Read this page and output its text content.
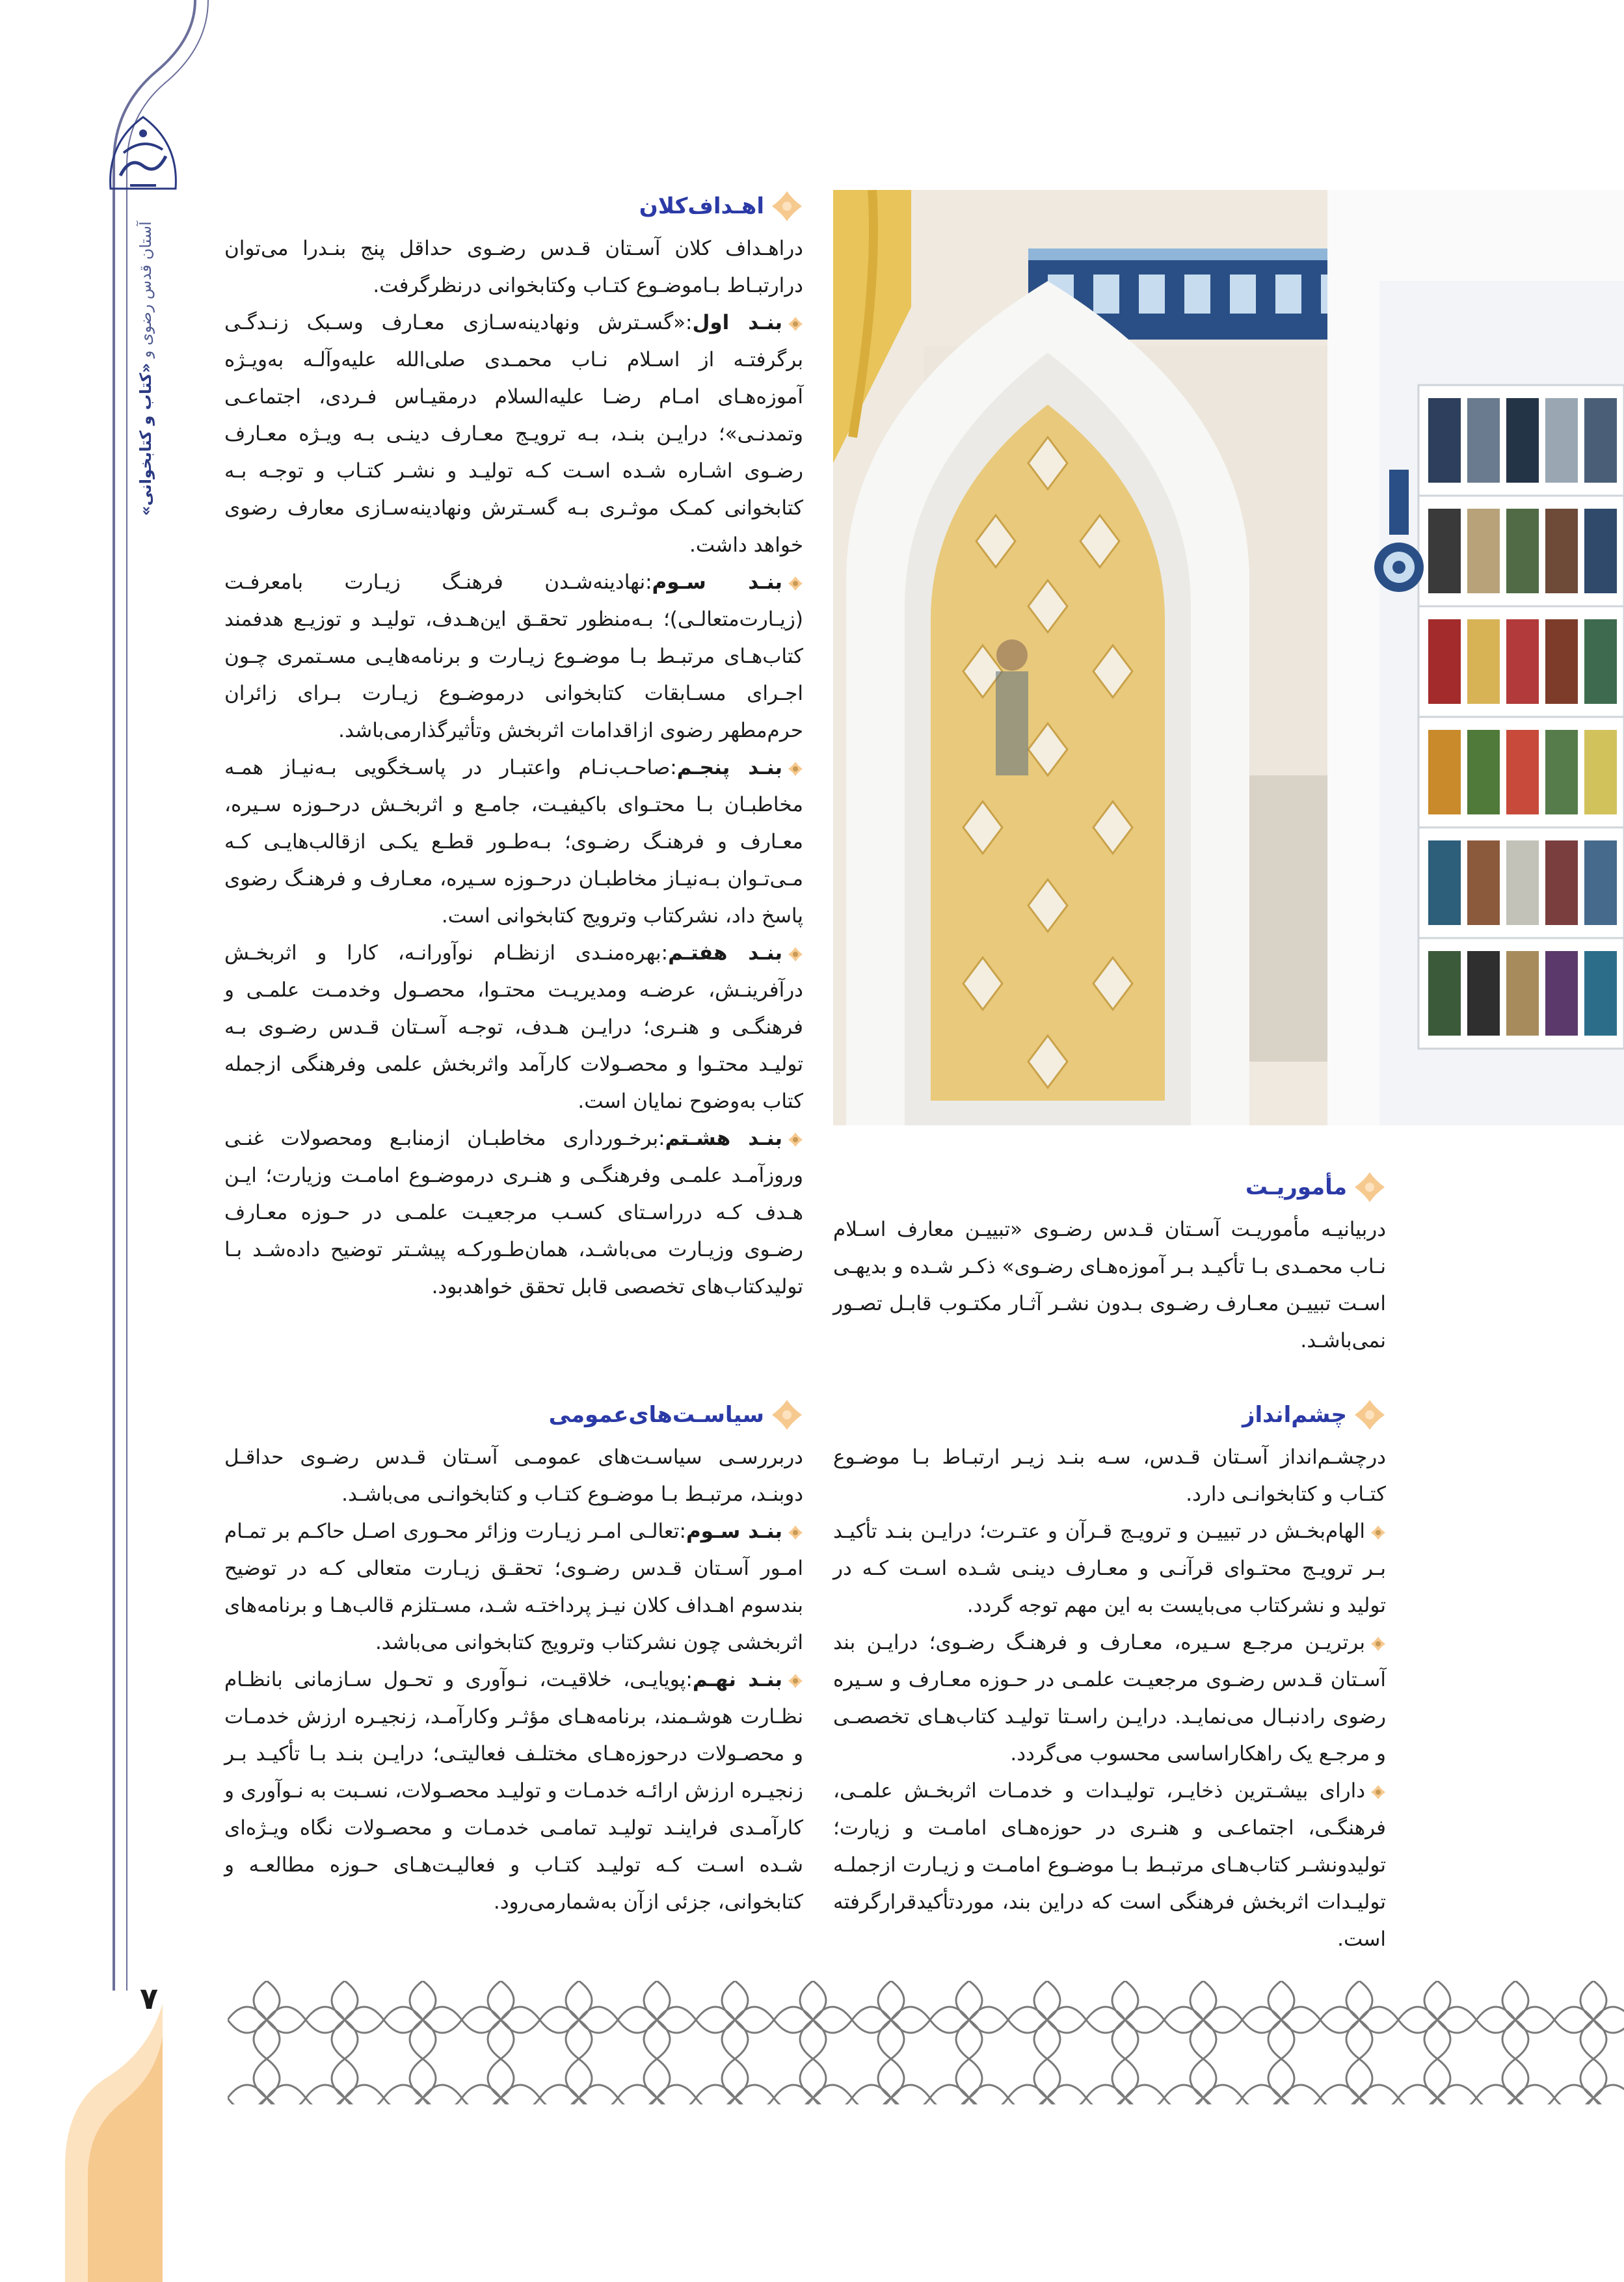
آستان قدس رضوی و «کتاب و کتابخوانی»
۷
اهـداف‌کلان

دراهـداف کلان آسـتان قـدس رضـوی حداقل پنج بنـدرا می‌توان درارتبـاط بـاموضـوع کتـاب وکتابخوانی درنظرگرفت.

بنـد اول:«گسـترش ونهادینه‌سـازی معـارف وسـبک زنـدگـی برگرفتـه از اسـلام نـاب محمـدی صلی‌الله علیه‌وآلـه به‌ویـژه آموزه‌هـای امـام رضـا علیه‌السلام درمقیـاس فـردی، اجتماعـی وتمدنـی»؛ درایـن بنـد، بـه ترویـج معـارف دینـی بـه ویـژه معـارف رضـوی اشـاره شـده اسـت کـه تولیـد و نشـر کتـاب و توجـه بـه کتابخوانی کمـک موثـری بـه گسـترش ونهادینه‌سـازی معارف رضوی خواهد داشت.

بنـد سـوم:نهادینه‌شـدن فرهنـگ زیـارت بامعرفـت (زیـارت‌متعالـی)؛ بـه‌منظور تحقـق این‌هـدف، تولیـد و توزیـع هدفمند کتاب‌هـای مرتبـط بـا موضـوع زیـارت و برنامه‌هایـی مسـتمری چـون اجـرای مسـابقات کتابخوانی درموضـوع زیـارت بـرای زائران حرم‌مطهر رضوی ازاقدامات اثربخش وتأثیرگذارمی‌باشد.

بنـد پنجـم:صاحـب‌نـام واعتبـار در پاسـخگویی بـه‌نیـاز همـه مخاطبـان بـا محتـوای باکیفیـت، جامـع و اثربخـش درحـوزه سـیره، معـارف و فرهنـگ رضـوی؛ بـه‌طـور قطـع یکـی ازقالب‌هایـی کـه مـی‌تـوان بـه‌نیـاز مخاطبـان درحـوزه سـیره، معـارف و فرهنـگ رضوی پاسخ داد، نشرکتاب وترویج کتابخوانی است.

بنـد هفتـم:بهره‌منـدی ازنظـام نوآورانـه، کارا و اثربخـش درآفرینـش، عرضـه ومدیریـت محتـوا، محصـول وخدمـت علمـی و فرهنگـی و هنـری؛ درایـن هـدف، توجـه آسـتان قـدس رضـوی بـه تولیـد محتـوا و محصـولات کارآمد واثربخش علمی وفرهنگی ازجمله کتاب به‌وضوح نمایان است.

بنـد هشـتم:برخـورداری مخاطبـان ازمنابـع ومحصولات غنـی وروزآمـد علمـی وفرهنگـی و هنـری درموضـوع امامـت وزیارت؛ ایـن هـدف کـه درراسـتای کسـب مرجعیـت علمـی در حـوزه معـارف رضـوی وزیـارت می‌باشـد، همان‌طـورکـه پیشـتر توضیح داده‌شـد بـا تولیدکتاب‌های تخصصی قابل تحقق خواهدبود.

مأموریـت

دربیانیـه مأموریـت آسـتان قـدس رضـوی «تبییـن معارف اسـلام نـاب محمـدی بـا تأکیـد بـر آموزه‌هـای رضـوی» ذکـر شـده و بدیهـی اسـت تبییـن معـارف رضـوی بـدون نشـر آثـار مکتـوب قابـل تصـور نمی‌باشـد.

سیاسـت‌های‌عمومی

دربررسـی سیاسـت‌های عمومـی آسـتان قـدس رضـوی حداقـل دوبنـد، مرتبـط بـا موضـوع کتـاب و کتابخوانـی می‌باشـد.

بنـد سـوم:تعالـی امـر زیـارت وزائر محـوری اصـل حاکـم بر تمـام امـور آسـتان قـدس رضـوی؛ تحقـق زیـارت متعالی کـه در توضیح بندسوم اهـداف کلان نیـز پرداختـه شـد، مسـتلزم قالب‌هـا و برنامه‌های اثربخشی چون نشرکتاب وترویج کتابخوانی می‌باشد.

بنـد نهـم:پویایـی، خلاقیـت، نـوآوری و تحـول سـازمانی بانظـام نظـارت هوشـمند، برنامه‌هـای مؤثـر وکارآمـد، زنجیـره ارزش خدمـات و محصـولات درحوزه‌هـای مختلـف فعالیتـی؛ درایـن بنـد بـا تأکیـد بـر زنجیـره ارزش ارائـه خدمـات و تولیـد محصـولات، نسـبت به نـوآوری و کارآمـدی فراینـد تولیـد تمامـی خدمـات و محصـولات نگاه ویـژه‌ای شـده اسـت کـه تولیـد کتـاب و فعالیـت‌هـای حـوزه مطالعـه و کتابخوانی، جزئی ازآن به‌شمارمی‌رود.

چشم‌انداز

درچشـم‌انداز آسـتان قـدس، سـه بنـد زیـر ارتبـاط بـا موضـوع کتـاب و کتابخوانـی دارد.

الهام‌بخـش در تبییـن و ترویـج قـرآن و عتـرت؛ درایـن بنـد تأکیـد بـر ترویـج محتـوای قرآنـی و معـارف دینـی شـده اسـت کـه در تولید و نشرکتاب می‌بایست به این مهم توجه گردد.

برتریـن مرجـع سـیره، معـارف و فرهنـگ رضـوی؛ درایـن بند آسـتان قـدس رضـوی مرجعیـت علمـی در حـوزه معـارف و سـیره رضوی رادنبـال می‌نمایـد. درایـن راسـتا تولیـد کتاب‌هـای تخصصـی و مرجـع یک راهکاراساسی محسوب می‌گردد.

دارای بیشـترین ذخایـر، تولیـدات و خدمـات اثربخـش علمـی، فرهنگـی، اجتماعـی و هنـری در حوزه‌هـای امامـت و زیارت؛ تولیدونشـر کتاب‌هـای مرتبـط بـا موضـوع امامـت و زیـارت ازجملـه تولیـدات اثربخش فرهنگی است که دراین بند، موردتأکیدقرارگرفته است.
